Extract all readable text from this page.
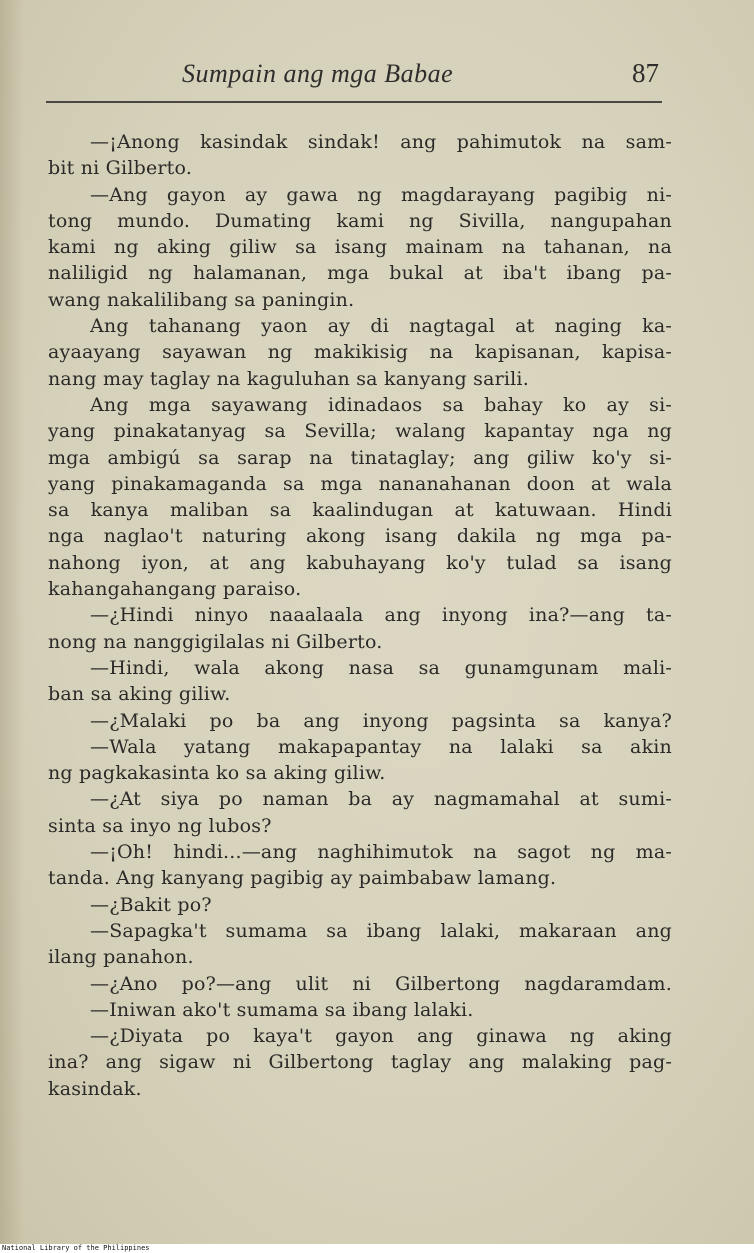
Sumpain ang mga Babae	87
—¡Anong kasindak sindak! ang pahimutok na sam-
bit ni Gilberto.
—Ang gayon ay gawa ng magdarayang pagibig ni-
tong mundo. Dumating kami ng Sivilla, nangupahan
kami ng aking giliw sa isang mainam na tahanan, na
naliligid ng halamanan, mga bukal at iba't ibang pa-
wang nakalilibang sa paningin.
Ang tahanang yaon ay di nagtagal at naging ka-
ayaayang sayawan ng makikisig na kapisanan, kapisa-
nang may taglay na kaguluhan sa kanyang sarili.
Ang mga sayawang idinadaos sa bahay ko ay si-
yang pinakatanyag sa Sevilla; walang kapantay nga ng
mga ambigú sa sarap na tinataglay; ang giliw ko'y si-
yang pinakamaganda sa mga nananahanan doon at wala
sa kanya maliban sa kaalindugan at katuwaan. Hindi
nga naglao't naturing akong isang dakila ng mga pa-
nahong iyon, at ang kabuhayang ko'y tulad sa isang
kahangahangang paraiso.
—¿Hindi ninyo naaalaala ang inyong ina?—ang ta-
nong na nanggigilalas ni Gilberto.
—Hindi, wala akong nasa sa gunamgunam mali-
ban sa aking giliw.
—¿Malaki po ba ang inyong pagsinta sa kanya?
—Wala yatang makapapantay na lalaki sa akin
ng pagkakasinta ko sa aking giliw.
—¿At siya po naman ba ay nagmamahal at sumi-
sinta sa inyo ng lubos?
—¡Oh! hindi...—ang naghihimutok na sagot ng ma-
tanda. Ang kanyang pagibig ay paimbabaw lamang.
—¿Bakit po?
—Sapagka't sumama sa ibang lalaki, makaraan ang
ilang panahon.
—¿Ano po?—ang ulit ni Gilbertong nagdaramdam.
—Iniwan ako't sumama sa ibang lalaki.
—¿Diyata po kaya't gayon ang ginawa ng aking
ina? ang sigaw ni Gilbertong taglay ang malaking pag-
kasindak.
National Library of the Philippines
